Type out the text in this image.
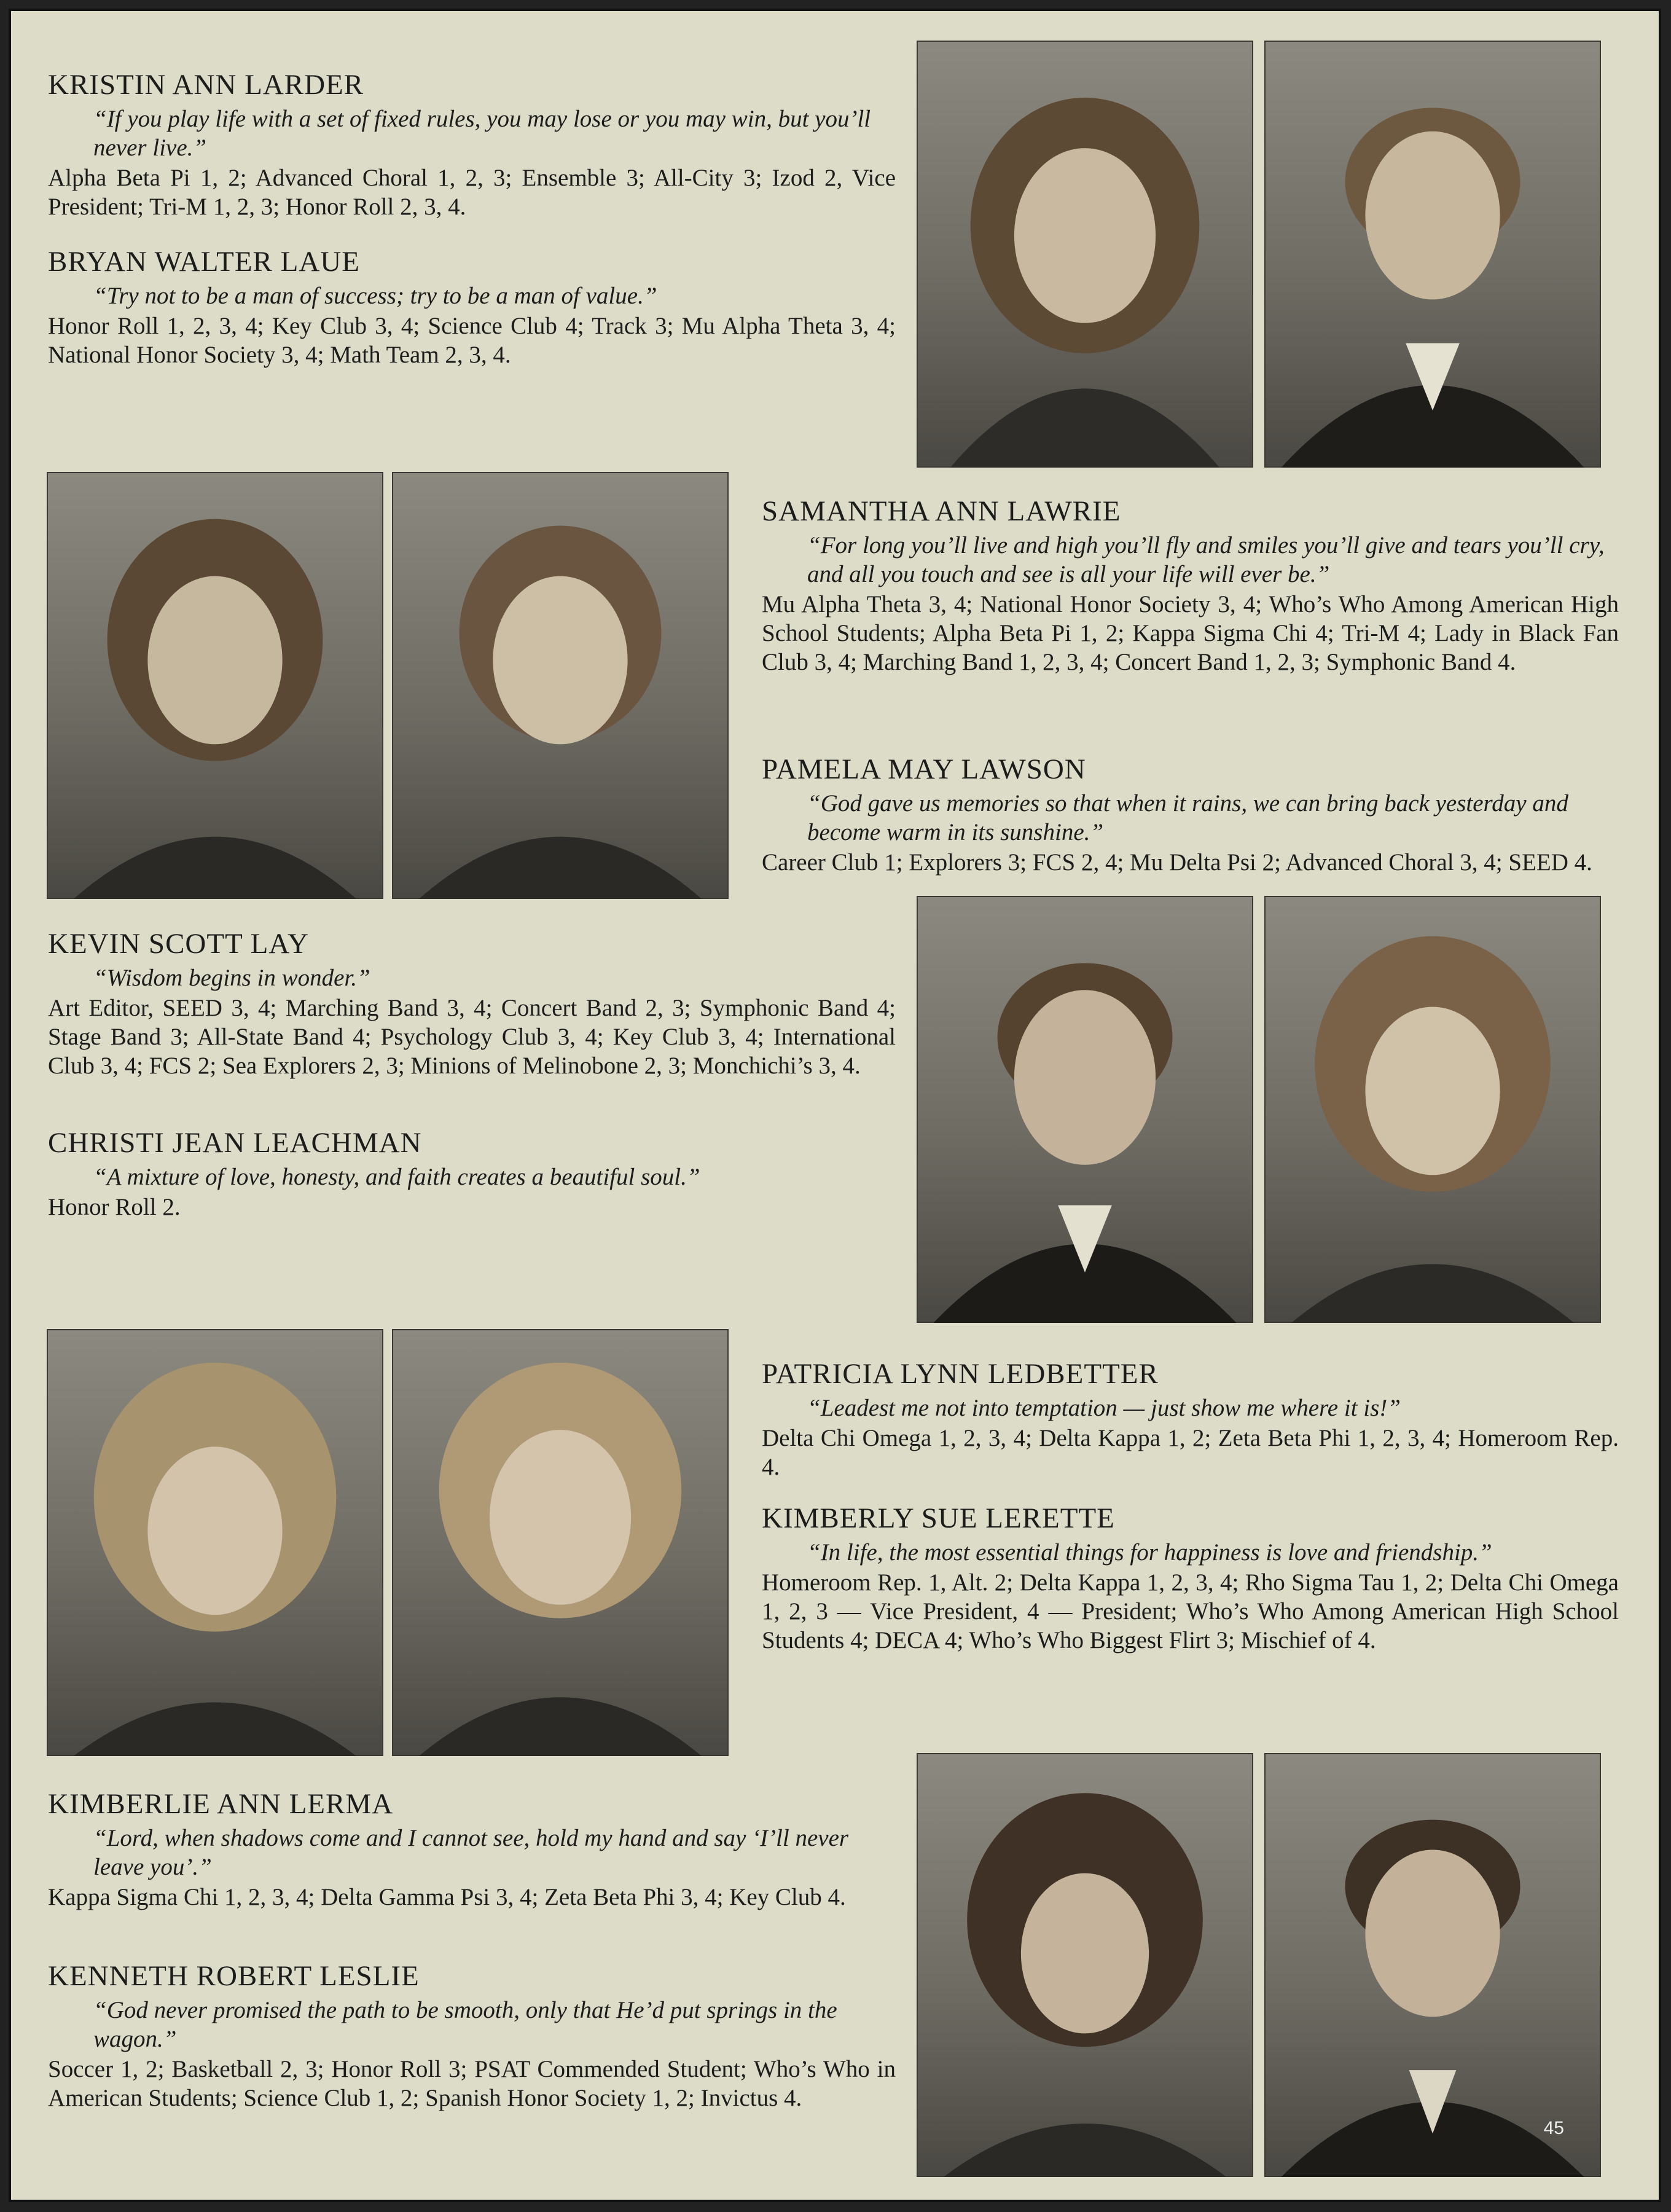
KRISTIN ANN LARDER

“If you play life with a set of fixed rules, you may lose or you may win, but you’ll never live.”

Alpha Beta Pi 1, 2; Advanced Choral 1, 2, 3; Ensemble 3; All-City 3; Izod 2, Vice President; Tri-M 1, 2, 3; Honor Roll 2, 3, 4.

BRYAN WALTER LAUE

“Try not to be a man of success; try to be a man of value.”

Honor Roll 1, 2, 3, 4; Key Club 3, 4; Science Club 4; Track 3; Mu Alpha Theta 3, 4; National Honor Society 3, 4; Math Team 2, 3, 4.

SAMANTHA ANN LAWRIE

“For long you’ll live and high you’ll fly and smiles you’ll give and tears you’ll cry, and all you touch and see is all your life will ever be.”

Mu Alpha Theta 3, 4; National Honor Society 3, 4; Who’s Who Among American High School Students; Alpha Beta Pi 1, 2; Kappa Sigma Chi 4; Tri-M 4; Lady in Black Fan Club 3, 4; Marching Band 1, 2, 3, 4; Concert Band 1, 2, 3; Symphonic Band 4.

PAMELA MAY LAWSON

“God gave us memories so that when it rains, we can bring back yesterday and become warm in its sunshine.”

Career Club 1; Explorers 3; FCS 2, 4; Mu Delta Psi 2; Advanced Choral 3, 4; SEED 4.

KEVIN SCOTT LAY

“Wisdom begins in wonder.”

Art Editor, SEED 3, 4; Marching Band 3, 4; Concert Band 2, 3; Symphonic Band 4; Stage Band 3; All-State Band 4; Psychology Club 3, 4; Key Club 3, 4; International Club 3, 4; FCS 2; Sea Explorers 2, 3; Minions of Melinobone 2, 3; Monchichi’s 3, 4.

CHRISTI JEAN LEACHMAN

“A mixture of love, honesty, and faith creates a beautiful soul.”

Honor Roll 2.

PATRICIA LYNN LEDBETTER

“Leadest me not into temptation — just show me where it is!”

Delta Chi Omega 1, 2, 3, 4; Delta Kappa 1, 2; Zeta Beta Phi 1, 2, 3, 4; Homeroom Rep. 4.

KIMBERLY SUE LERETTE

“In life, the most essential things for happiness is love and friendship.”

Homeroom Rep. 1, Alt. 2; Delta Kappa 1, 2, 3, 4; Rho Sigma Tau 1, 2; Delta Chi Omega 1, 2, 3 — Vice President, 4 — President; Who’s Who Among American High School Students 4; DECA 4; Who’s Who Biggest Flirt 3; Mischief of 4.

KIMBERLIE ANN LERMA

“Lord, when shadows come and I cannot see, hold my hand and say ‘I’ll never leave you’.”

Kappa Sigma Chi 1, 2, 3, 4; Delta Gamma Psi 3, 4; Zeta Beta Phi 3, 4; Key Club 4.

KENNETH ROBERT LESLIE

“God never promised the path to be smooth, only that He’d put springs in the wagon.”

Soccer 1, 2; Basketball 2, 3; Honor Roll 3; PSAT Commended Student; Who’s Who in American Students; Science Club 1, 2; Spanish Honor Society 1, 2; Invictus 4.

45
